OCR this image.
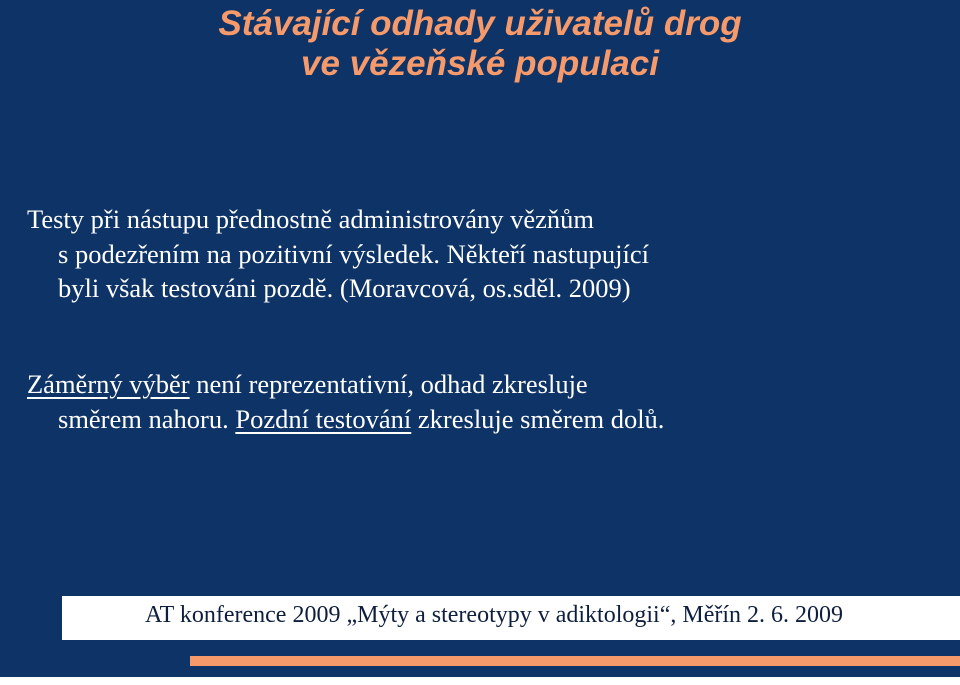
Stávající odhady uživatelů drog
ve vězeňské populaci
Testy při nástupu přednostně administrovány vězňům
s podezřením na pozitivní výsledek. Někteří nastupující
byli však testováni pozdě. (Moravcová, os.sděl. 2009)
Záměrný výběr není reprezentativní, odhad zkresluje
směrem nahoru. Pozdní testování zkresluje směrem dolů.
AT konference 2009 „Mýty a stereotypy v adiktologii“, Měřín 2. 6. 2009
